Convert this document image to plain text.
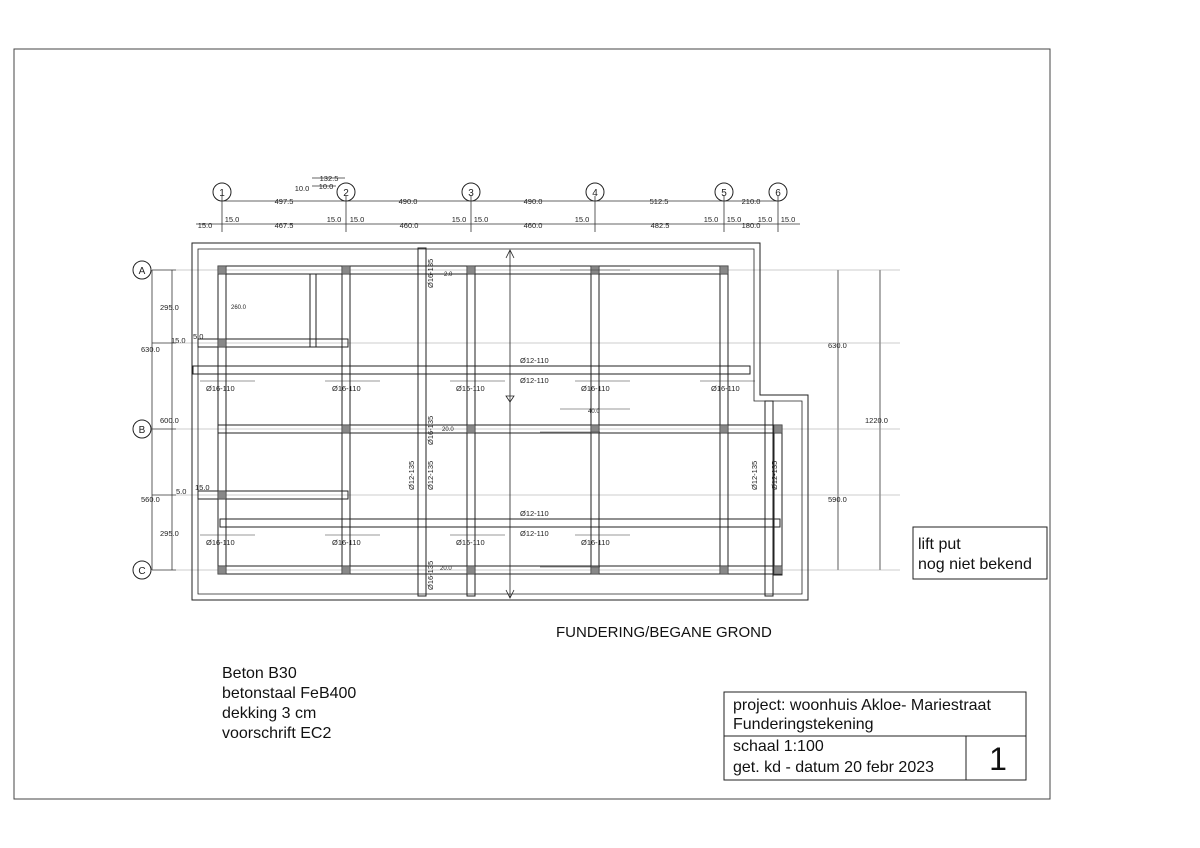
1	2	3	4	5	6
A
B
C
497.5	490.0	490.0	512.5	210.0
132.5
10.0 10.0
15.0
15.0
467.5
15.0 15.0
460.0
15.0 15.0
460.0
15.0
482.5
15.0 15.0 15.0
180.0
15.0
295.0
630.0
15.0 5.0
600.0
560.0
5.0 15.0
295.0
630.0
1220.0
590.0
Ø12-110
Ø12-110
Ø12-110
Ø12-110
Ø16-110	Ø16-110	Ø16-110	Ø16-110	Ø16-110
Ø16-110	Ø16-110	Ø16-110	Ø16-110
Ø16-135
Ø16-135
Ø16-135
Ø12-135 Ø12-135	Ø12-135 Ø12-135
2.0
260.0
20.0
40.0
20.0
FUNDERING/BEGANE GROND
lift put
nog niet bekend
Beton B30
betonstaal FeB400
dekking 3 cm
voorschrift EC2
project: woonhuis Akloe- Mariestraat
Funderingstekening
schaal 1:100
get. kd - datum 20 febr 2023 1
